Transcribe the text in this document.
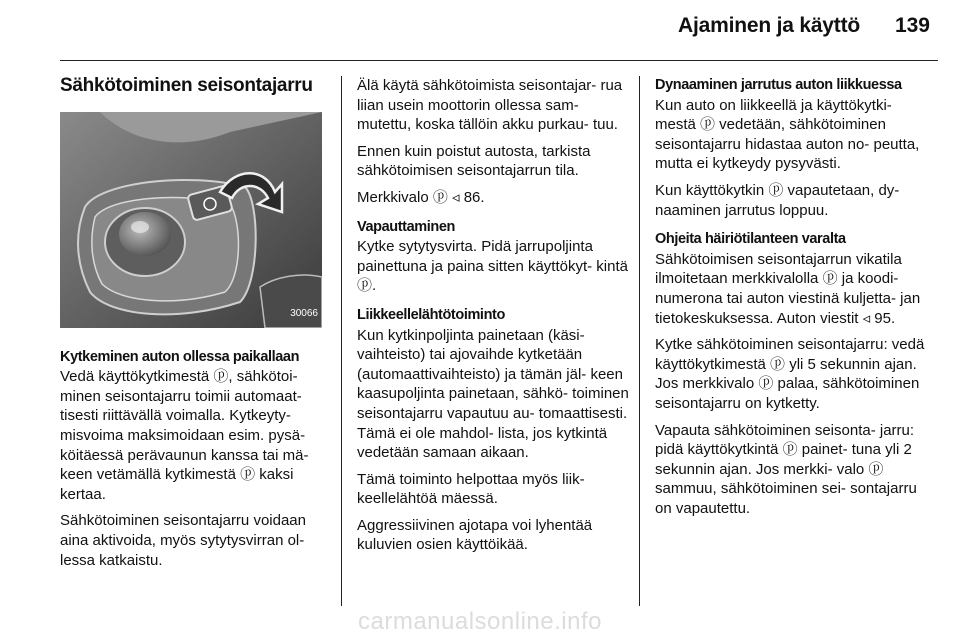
Ajaminen ja käyttö 139
Sähkötoiminen seisontajarru
30066
Kytkeminen auton ollessa paikallaan

Vedä käyttökytkimestä ⓟ, sähkötoi- minen seisontajarru toimii automaat- tisesti riittävällä voimalla. Kytkeyty- misvoima maksimoidaan esim. pysä- köitäessä perävaunun kanssa tai mä- keen vetämällä kytkimestä ⓟ kaksi kertaa.

Sähkötoiminen seisontajarru voidaan aina aktivoida, myös sytytysvirran ol- lessa katkaistu.

Älä käytä sähkötoimista seisontajar- rua liian usein moottorin ollessa sam- mutettu, koska tällöin akku purkau- tuu.

Ennen kuin poistut autosta, tarkista sähkötoimisen seisontajarrun tila.

Merkkivalo ⓟ ◃ 86.

Vapauttaminen

Kytke sytytysvirta. Pidä jarrupoljinta painettuna ja paina sitten käyttökyt- kintä ⓟ.

Liikkeellelähtötoiminto

Kun kytkinpoljinta painetaan (käsi- vaihteisto) tai ajovaihde kytketään (automaattivaihteisto) ja tämän jäl- keen kaasupoljinta painetaan, sähkö- toiminen seisontajarru vapautuu au- tomaattisesti. Tämä ei ole mahdol- lista, jos kytkintä vedetään samaan aikaan.

Tämä toiminto helpottaa myös liik- keellelähtöä mäessä.

Aggressiivinen ajotapa voi lyhentää kuluvien osien käyttöikää.

Dynaaminen jarrutus auton liikkuessa

Kun auto on liikkeellä ja käyttökytki- mestä ⓟ vedetään, sähkötoiminen seisontajarru hidastaa auton no- peutta, mutta ei kytkeydy pysyvästi.

Kun käyttökytkin ⓟ vapautetaan, dy- naaminen jarrutus loppuu.

Ohjeita häiriötilanteen varalta

Sähkötoimisen seisontajarrun vikatila ilmoitetaan merkkivalolla ⓟ ja koodi- numerona tai auton viestinä kuljetta- jan tietokeskuksessa. Auton viestit ◃ 95.

Kytke sähkötoiminen seisontajarru: vedä käyttökytkimestä ⓟ yli 5 sekunnin ajan. Jos merkkivalo ⓟ palaa, sähkötoiminen seisontajarru on kytketty.

Vapauta sähkötoiminen seisonta- jarru: pidä käyttökytkintä ⓟ painet- tuna yli 2 sekunnin ajan. Jos merkki- valo ⓟ sammuu, sähkötoiminen sei- sontajarru on vapautettu.

carmanualsonline.info
